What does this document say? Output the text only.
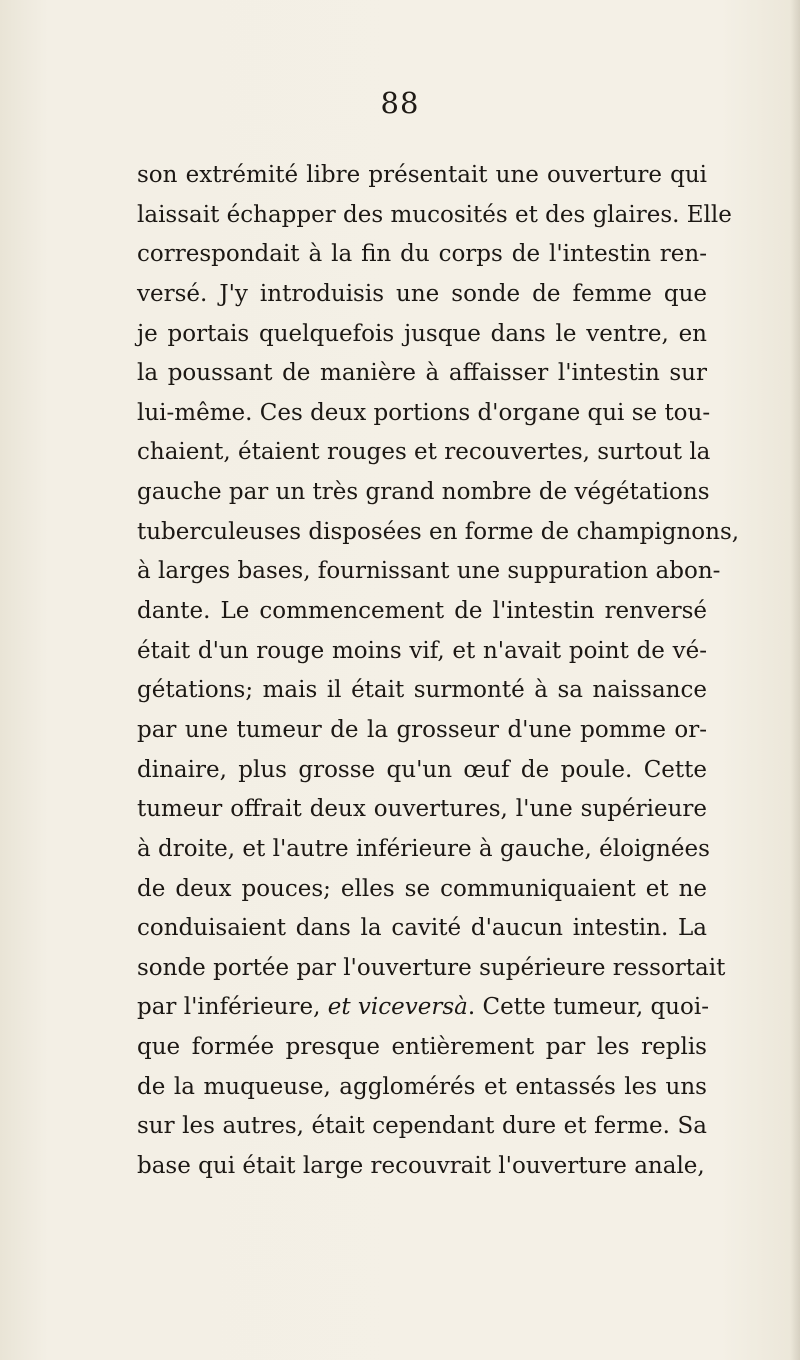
88
son extrémité libre présentait une ouverture qui
laissait échapper des mucosités et des glaires. Elle
correspondait à la fin du corps de l'intestin ren-
versé. J'y introduisis une sonde de femme que
je portais quelquefois jusque dans le ventre, en
la poussant de manière à affaisser l'intestin sur
lui-même. Ces deux portions d'organe qui se tou-
chaient, étaient rouges et recouvertes, surtout la
gauche par un très grand nombre de végétations
tuberculeuses disposées en forme de champignons,
à larges bases, fournissant une suppuration abon-
dante. Le commencement de l'intestin renversé
était d'un rouge moins vif, et n'avait point de vé-
gétations; mais il était surmonté à sa naissance
par une tumeur de la grosseur d'une pomme or-
dinaire, plus grosse qu'un œuf de poule. Cette
tumeur offrait deux ouvertures, l'une supérieure
à droite, et l'autre inférieure à gauche, éloignées
de deux pouces; elles se communiquaient et ne
conduisaient dans la cavité d'aucun intestin. La
sonde portée par l'ouverture supérieure ressortait
par l'inférieure, et viceversà. Cette tumeur, quoi-
que formée presque entièrement par les replis
de la muqueuse, agglomérés et entassés les uns
sur les autres, était cependant dure et ferme. Sa
base qui était large recouvrait l'ouverture anale,
